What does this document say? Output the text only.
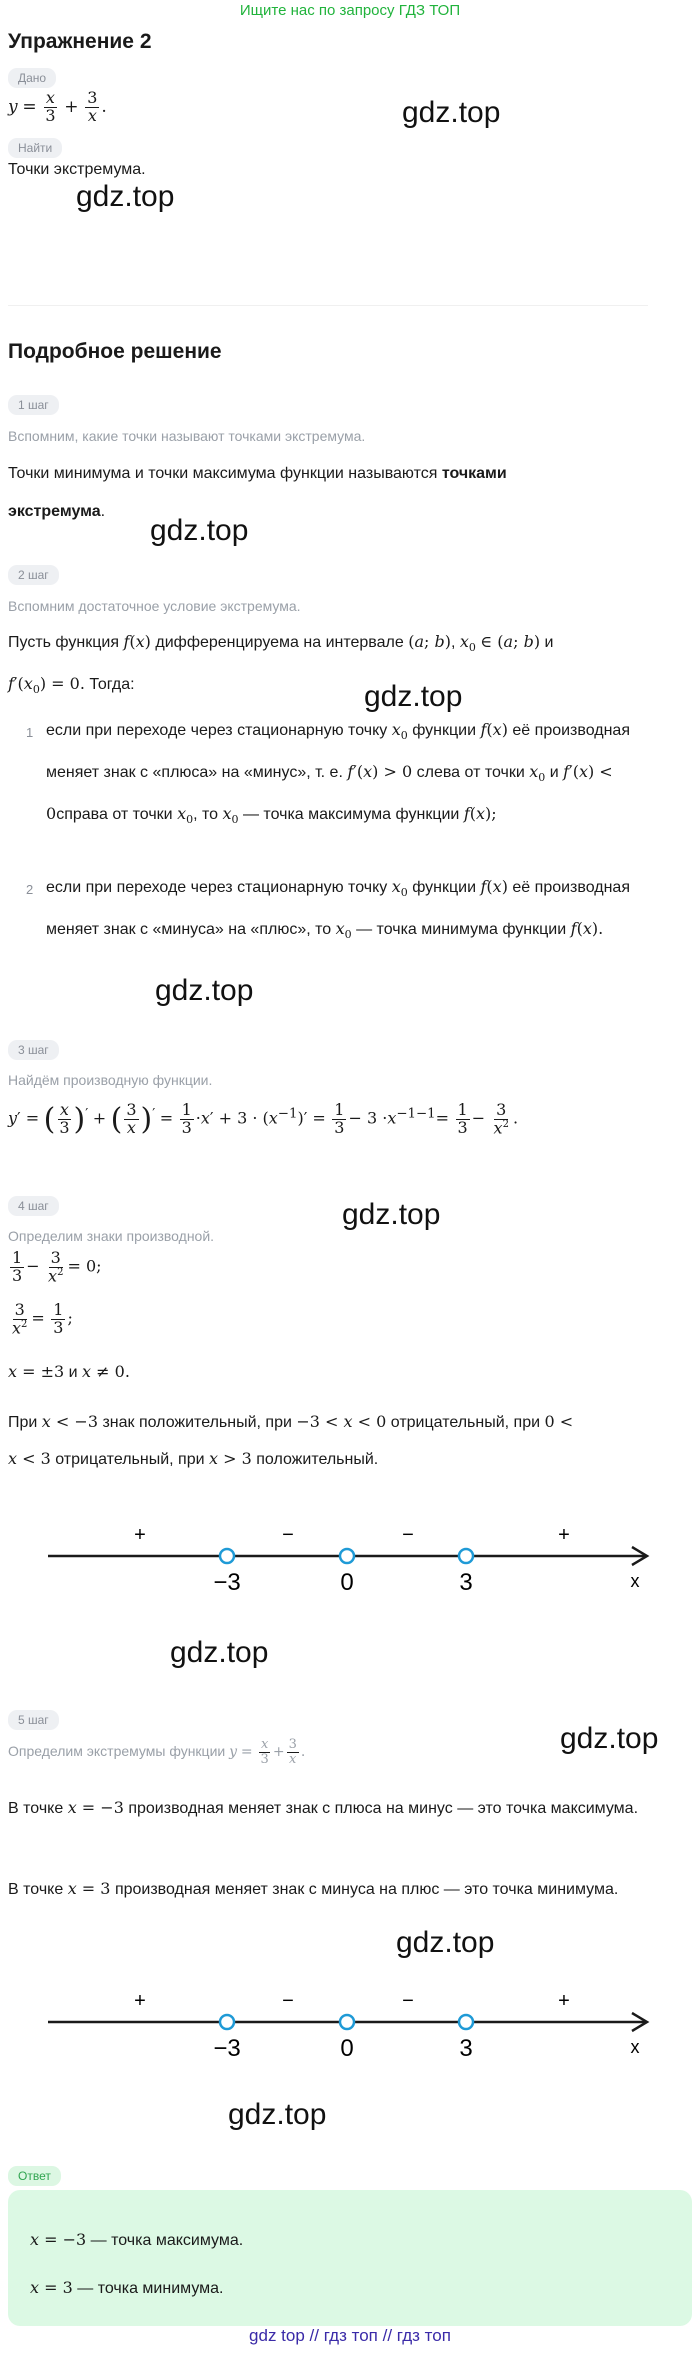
Ищите нас по запросу ГДЗ ТОП
Упражнение 2
Дано
$y = \frac{x}{3} + \frac{3}{x}$ .
Найти
Точки экстремума.
Подробное решение
1 шаг
Вспомним, какие точки называют точками экстремума.
Точки минимума и точки максимума функции называются точками
экстремума.
2 шаг
Вспомним достаточное условие экстремума.
Пусть функция f(x) дифференцируема на интервале (a; b), $x_0$ ∈ (a; b) и
$f'(x_0) = 0$. Тогда:
1 если при переходе через стационарную точку $x_0$ функции f(x) её производная меняет знак с «плюса» на «минус», т. е. f′(x) > 0 слева от точки $x_0$ и f′(x) < 0справа от точки $x_0$, то $x_0$ — точка максимума функции f(x);
2 если при переходе через стационарную точку $x_0$ функции f(x) её производная меняет знак с «минуса» на «плюс», то $x_0$ — точка минимума функции f(x).
3 шаг
Найдём производную функции.
y′ = ( $\frac{x}{3} )'$ + ( $\frac{3}{x} )' = \frac{1}{3} \cdot x' + 3 \cdot (x^{-1})' = \frac{1}{3} - 3 \cdot x^{-1-1}= \frac{1}{3} - \frac{3}{x^2}$ .
4 шаг
Определим знаки производной.
$\frac{1}{3} - \frac{3}{x^2} = 0$;
$\frac{3}{x^2} = \frac{1}{3}$ ;
x = ±3 и x ≠ 0.
При x < −3 знак положительный, при −3 < x < 0 отрицательный, при 0 <
x < 3 отрицательный, при x > 3 положительный.
+	−	−	+
−3	0	3	x
5 шаг
Определим экстремумы функции $y = \frac{x}{3} + \frac{3}{x}$ .
В точке x = −3 производная меняет знак с плюса на минус — это точка максимума.
В точке x = 3 производная меняет знак с минуса на плюс — это точка минимума.
+	−	−	+
−3	0	3	x
Ответ
x = −3 — точка максимума.
x = 3 — точка минимума.
gdz.top
gdz.top
gdz.top
gdz.top
gdz.top
gdz.top
gdz.top
gdz.top
gdz.top
gdz.top
gdz top // гдз топ // гдз топ
